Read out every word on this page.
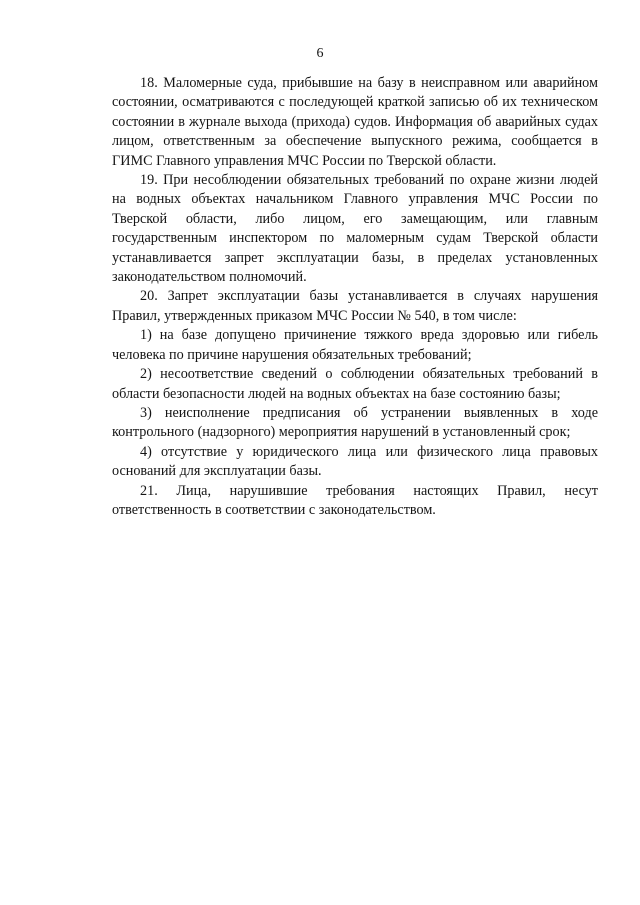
6

18. Маломерные суда, прибывшие на базу в неисправном или аварийном состоянии, осматриваются с последующей краткой записью об их техническом состоянии в журнале выхода (прихода) судов. Информация об аварийных судах лицом, ответственным за обеспечение выпускного режима, сообщается в ГИМС Главного управления МЧС России по Тверской области.

19. При несоблюдении обязательных требований по охране жизни людей на водных объектах начальником Главного управления МЧС России по Тверской области, либо лицом, его замещающим, или главным государственным инспектором по маломерным судам Тверской области устанавливается запрет эксплуатации базы, в пределах установленных законодательством полномочий.

20. Запрет эксплуатации базы устанавливается в случаях нарушения Правил, утвержденных приказом МЧС России № 540, в том числе:

1) на базе допущено причинение тяжкого вреда здоровью или гибель человека по причине нарушения обязательных требований;

2) несоответствие сведений о соблюдении обязательных требований в области безопасности людей на водных объектах на базе состоянию базы;

3) неисполнение предписания об устранении выявленных в ходе контрольного (надзорного) мероприятия нарушений в установленный срок;

4) отсутствие у юридического лица или физического лица правовых оснований для эксплуатации базы.

21. Лица, нарушившие требования настоящих Правил, несут ответственность в соответствии с законодательством.
